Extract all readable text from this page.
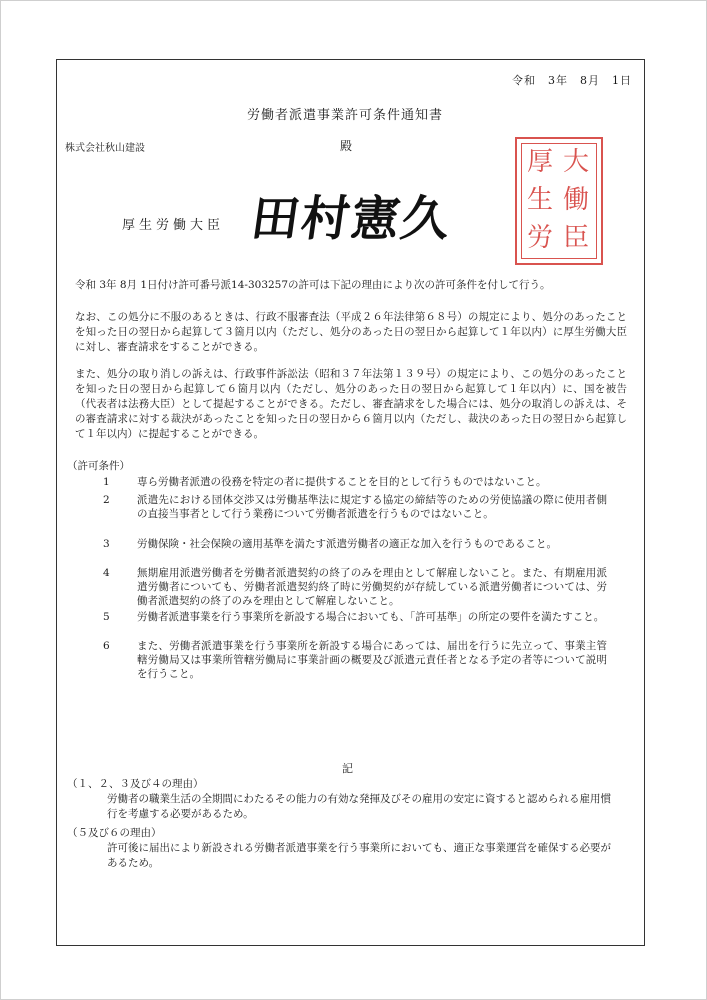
令和　3年　8月　1日
労働者派遣事業許可条件通知書
株式会社秋山建設	殿
厚生労働大臣 田村憲久
大
働
臣
厚
生
労
令和 3年 8月 1日付け許可番号派14-303257の許可は下記の理由により次の許可条件を付して行う。
なお、この処分に不服のあるときは、行政不服審査法（平成２６年法律第６８号）の規定により、処分のあったことを知った日の翌日から起算して３箇月以内（ただし、処分のあった日の翌日から起算して１年以内）に厚生労働大臣に対し、審査請求をすることができる。
また、処分の取り消しの訴えは、行政事件訴訟法（昭和３７年法第１３９号）の規定により、この処分のあったことを知った日の翌日から起算して６箇月以内（ただし、処分のあった日の翌日から起算して１年以内）に、国を被告（代表者は法務大臣）として提起することができる。ただし、審査請求をした場合には、処分の取消しの訴えは、その審査請求に対する裁決があったことを知った日の翌日から６箇月以内（ただし、裁決のあった日の翌日から起算して１年以内）に提起することができる。
（許可条件）
1	専ら労働者派遣の役務を特定の者に提供することを目的として行うものではないこと。
2	派遣先における団体交渉又は労働基準法に規定する協定の締結等のための労使協議の際に使用者側の直接当事者として行う業務について労働者派遣を行うものではないこと。
3	労働保険・社会保険の適用基準を満たす派遣労働者の適正な加入を行うものであること。
4	無期雇用派遣労働者を労働者派遣契約の終了のみを理由として解雇しないこと。また、有期雇用派遣労働者についても、労働者派遣契約終了時に労働契約が存続している派遣労働者については、労働者派遣契約の終了のみを理由として解雇しないこと。
5	労働者派遣事業を行う事業所を新設する場合においても、「許可基準」の所定の要件を満たすこと。
6	また、労働者派遣事業を行う事業所を新設する場合にあっては、届出を行うに先立って、事業主管轄労働局又は事業所管轄労働局に事業計画の概要及び派遣元責任者となる予定の者等について説明を行うこと。
記
（１、２、３及び４の理由）
労働者の職業生活の全期間にわたるその能力の有効な発揮及びその雇用の安定に資すると認められる雇用慣行を考慮する必要があるため。
（５及び６の理由）
許可後に届出により新設される労働者派遣事業を行う事業所においても、適正な事業運営を確保する必要があるため。
